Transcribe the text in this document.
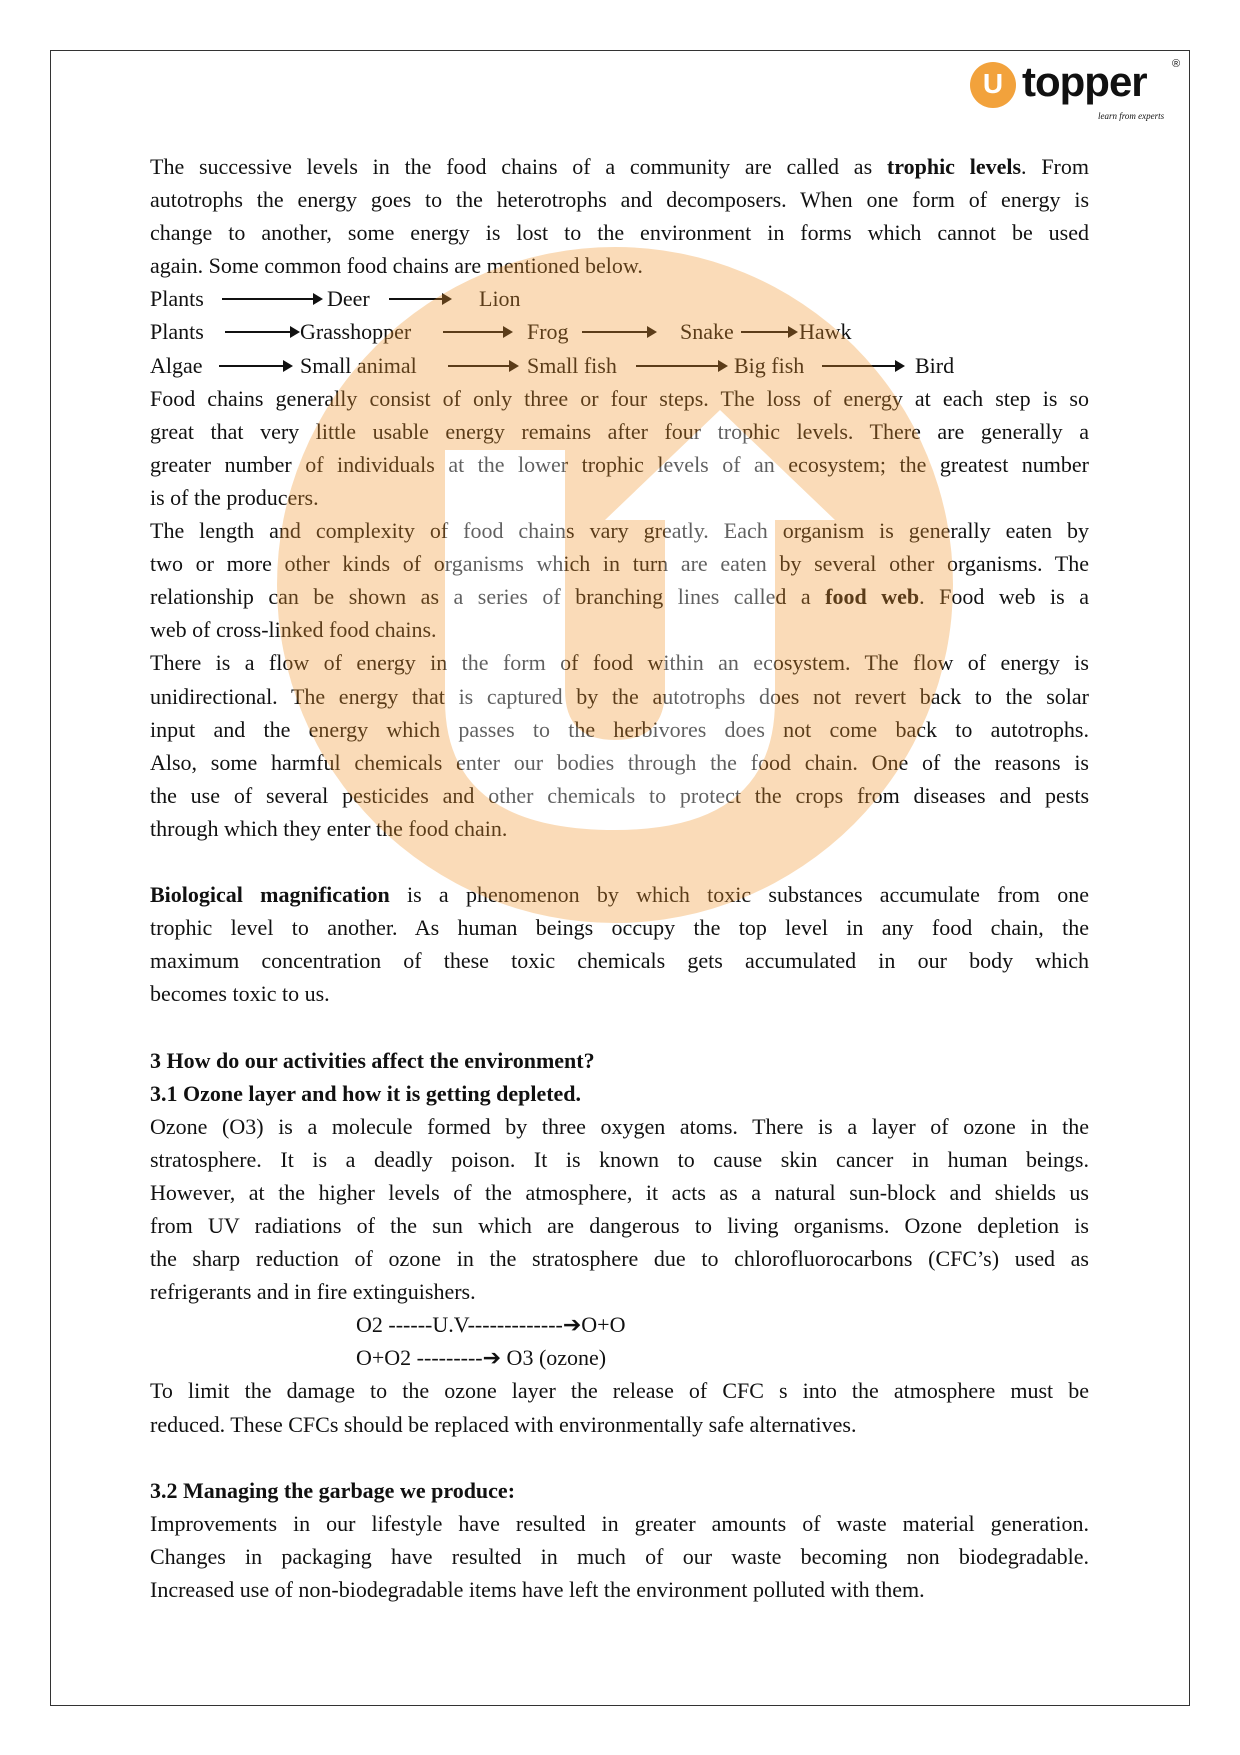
U topper ®
learn from experts
The successive levels in the food chains of a community are called as trophic levels. From
autotrophs the energy goes to the heterotrophs and decomposers. When one form of energy is
change to another, some energy is lost to the environment in forms which cannot be used
again. Some common food chains are mentioned below.
Plants	Deer	Lion
Plants	Grasshopper	Frog	Snake	Hawk
Algae	Small animal	Small fish	Big fish	Bird
Food chains generally consist of only three or four steps. The loss of energy at each step is so
great that very little usable energy remains after four trophic levels. There are generally a
greater number of individuals at the lower trophic levels of an ecosystem; the greatest number
is of the producers.
The length and complexity of food chains vary greatly. Each organism is generally eaten by
two or more other kinds of organisms which in turn are eaten by several other organisms. The
relationship can be shown as a series of branching lines called a food web. Food web is a
web of cross-linked food chains.
There is a flow of energy in the form of food within an ecosystem. The flow of energy is
unidirectional. The energy that is captured by the autotrophs does not revert back to the solar
input and the energy which passes to the herbivores does not come back to autotrophs.
Also, some harmful chemicals enter our bodies through the food chain. One of the reasons is
the use of several pesticides and other chemicals to protect the crops from diseases and pests
through which they enter the food chain.
Biological magnification is a phenomenon by which toxic substances accumulate from one
trophic level to another. As human beings occupy the top level in any food chain, the
maximum concentration of these toxic chemicals gets accumulated in our body which
becomes toxic to us.
3 How do our activities affect the environment?
3.1 Ozone layer and how it is getting depleted.
Ozone (O3) is a molecule formed by three oxygen atoms. There is a layer of ozone in the
stratosphere. It is a deadly poison. It is known to cause skin cancer in human beings.
However, at the higher levels of the atmosphere, it acts as a natural sun-block and shields us
from UV radiations of the sun which are dangerous to living organisms. Ozone depletion is
the sharp reduction of ozone in the stratosphere due to chlorofluorocarbons (CFC’s) used as
refrigerants and in fire extinguishers.
O2 ------U.V-------------➔O+O
O+O2 ---------➔ O3 (ozone)
To limit the damage to the ozone layer the release of CFC s into the atmosphere must be
reduced. These CFCs should be replaced with environmentally safe alternatives.
3.2 Managing the garbage we produce:
Improvements in our lifestyle have resulted in greater amounts of waste material generation.
Changes in packaging have resulted in much of our waste becoming non biodegradable.
Increased use of non-biodegradable items have left the environment polluted with them.
